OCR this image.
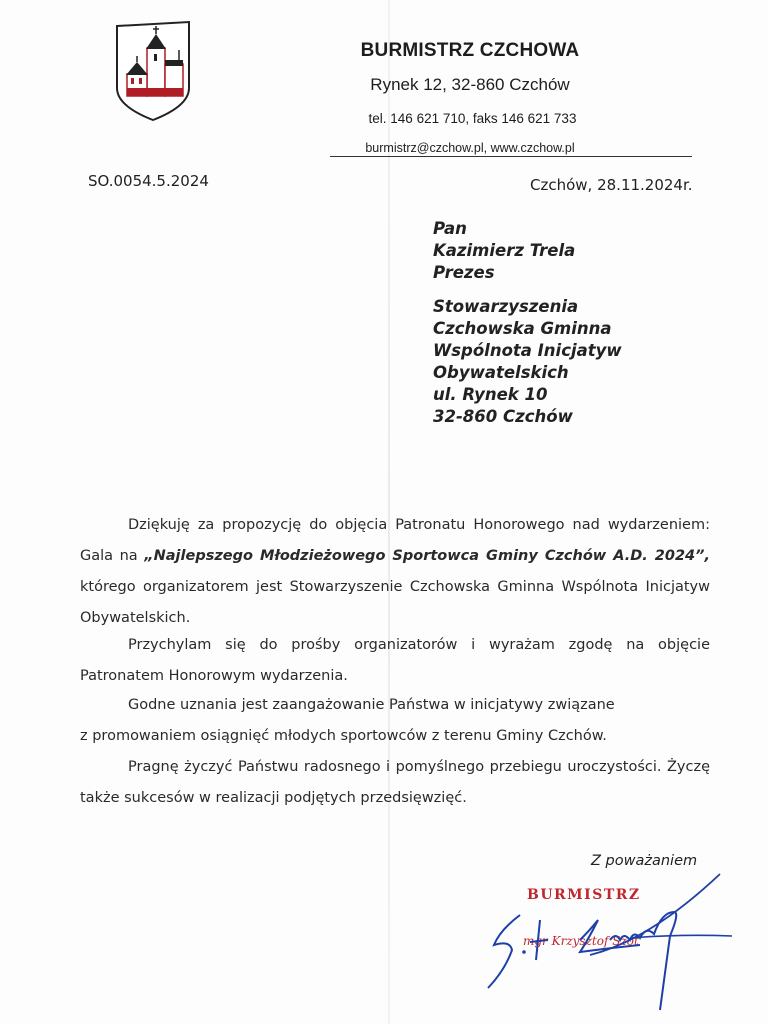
BURMISTRZ CZCHOWA
Rynek 12, 32-860 Czchów
tel. 146 621 710, faks 146 621 733
burmistrz@czchow.pl, www.czchow.pl
SO.0054.5.2024	Czchów, 28.11.2024r.
Pan
Kazimierz Trela
Prezes
Stowarzyszenia
Czchowska Gminna
Wspólnota Inicjatyw
Obywatelskich
ul. Rynek 10
32-860 Czchów
Dziękuję za propozycję do objęcia Patronatu Honorowego nad wydarzeniem: Gala na „Najlepszego Młodzieżowego Sportowca Gminy Czchów A.D. 2024”, którego organizatorem jest Stowarzyszenie Czchowska Gminna Wspólnota Inicjatyw Obywatelskich.
Przychylam się do prośby organizatorów i wyrażam zgodę na objęcie Patronatem Honorowym wydarzenia.
Godne uznania jest zaangażowanie Państwa w inicjatywy związane
z promowaniem osiągnięć młodych sportowców z terenu Gminy Czchów.
Pragnę życzyć Państwu radosnego i pomyślnego przebiegu uroczystości. Życzę także sukcesów w realizacji podjętych przedsięwzięć.
Z poważaniem
BURMISTRZ
mgr Krzysztof Szot
